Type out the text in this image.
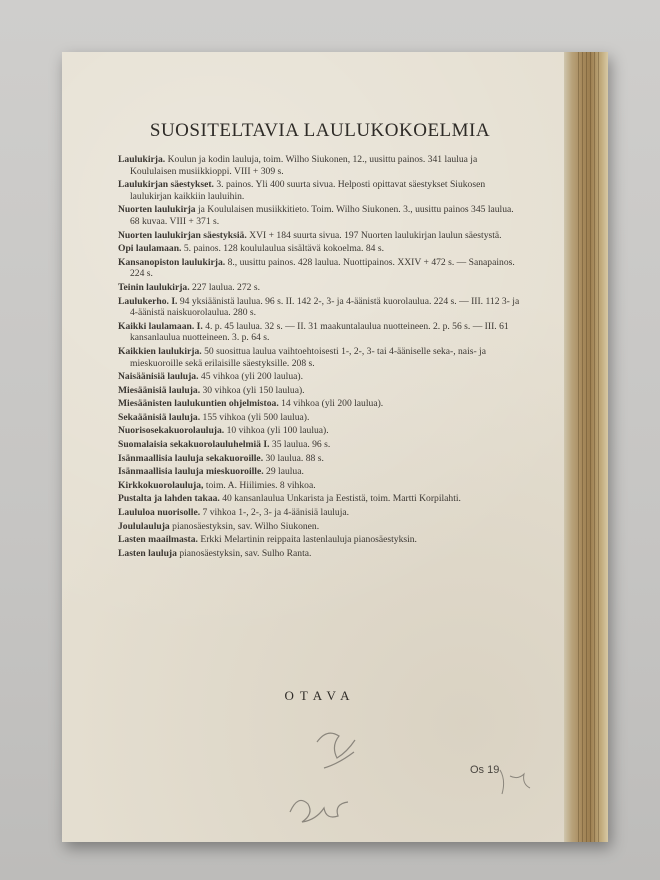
SUOSITELTAVIA LAULUKOKOELMIA
Laulukirja. Koulun ja kodin lauluja, toim. Wilho Siukonen, 12., uusittu painos. 341 laulua ja Koululaisen musiikkioppi. VIII + 309 s.
Laulukirjan säestykset. 3. painos. Yli 400 suurta sivua. Helposti opittavat säestykset Siukosen laulukirjan kaikkiin lauluihin.
Nuorten laulukirja ja Koululaisen musiikkitieto. Toim. Wilho Siukonen. 3., uusittu painos 345 laulua. 68 kuvaa. VIII + 371 s.
Nuorten laulukirjan säestyksiä. XVI + 184 suurta sivua. 197 Nuorten laulukirjan laulun säestystä.
Opi laulamaan. 5. painos. 128 koululaulua sisältävä kokoelma. 84 s.
Kansanopiston laulukirja. 8., uusittu painos. 428 laulua. Nuottipainos. XXIV + 472 s. — Sanapainos. 224 s.
Teinin laulukirja. 227 laulua. 272 s.
Laulukerho. I. 94 yksiäänistä laulua. 96 s. II. 142 2-, 3- ja 4-äänistä kuorolaulua. 224 s. — III. 112 3- ja 4-äänistä naiskuorolaulua. 280 s.
Kaikki laulamaan. I. 4. p. 45 laulua. 32 s. — II. 31 maakuntalaulua nuotteineen. 2. p. 56 s. — III. 61 kansanlaulua nuotteineen. 3. p. 64 s.
Kaikkien laulukirja. 50 suosittua laulua vaihtoehtoisesti 1-, 2-, 3- tai 4-ääniselle seka-, nais- ja mieskuoroille sekä erilaisille säestyksille. 208 s.
Naisäänisiä lauluja. 45 vihkoa (yli 200 laulua).
Miesäänisiä lauluja. 30 vihkoa (yli 150 laulua).
Miesäänisten laulukuntien ohjelmistoa. 14 vihkoa (yli 200 laulua).
Sekaäänisiä lauluja. 155 vihkoa (yli 500 laulua).
Nuorisosekakuorolauluja. 10 vihkoa (yli 100 laulua).
Suomalaisia sekakuorolauluhelmiä I. 35 laulua. 96 s.
Isänmaallisia lauluja sekakuoroille. 30 laulua. 88 s.
Isänmaallisia lauluja mieskuoroille. 29 laulua.
Kirkkokuorolauluja, toim. A. Hiilimies. 8 vihkoa.
Pustalta ja lahden takaa. 40 kansanlaulua Unkarista ja Eestistä, toim. Martti Korpilahti.
Laululoa nuorisolle. 7 vihkoa 1-, 2-, 3- ja 4-äänisiä lauluja.
Joululauluja pianosäestyksin, sav. Wilho Siukonen.
Lasten maailmasta. Erkki Melartinin reippaita lastenlauluja pianosäestyksin.
Lasten lauluja pianosäestyksin, sav. Sulho Ranta.
OTAVA
Os 19
